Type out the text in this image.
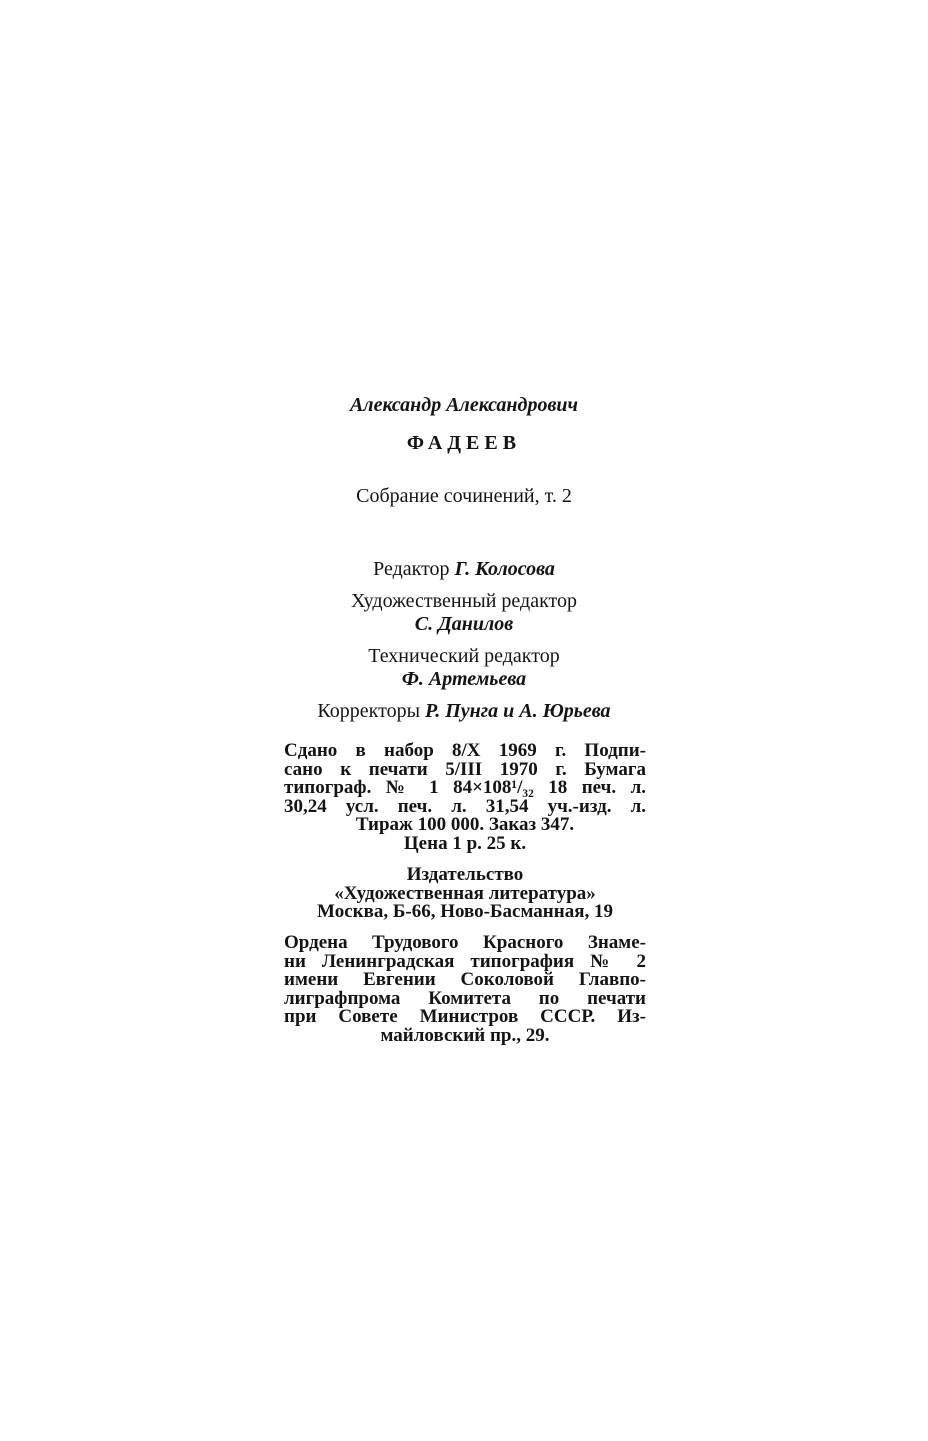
Александр Александрович
ФАДЕЕВ
Собрание сочинений, т. 2
Редактор Г. Колосова
Художественный редактор
С. Данилов
Технический редактор
Ф. Артемьева
Корректоры Р. Пунга и А. Юрьева
Сдано в набор 8/X 1969 г. Подпи-
сано к печати 5/III 1970 г. Бумага
типограф. № 1 84×108¹/₃₂ 18 печ. л.
30,24 усл. печ. л. 31,54 уч.-изд. л.
Тираж 100 000. Заказ 347.
Цена 1 р. 25 к.
Издательство
«Художественная литература»
Москва, Б-66, Ново-Басманная, 19
Ордена Трудового Красного Знаме-
ни Ленинградская типография № 2
имени Евгении Соколовой Главпо-
лиграфпрома Комитета по печати
при Совете Министров СССР. Из-
майловский пр., 29.
